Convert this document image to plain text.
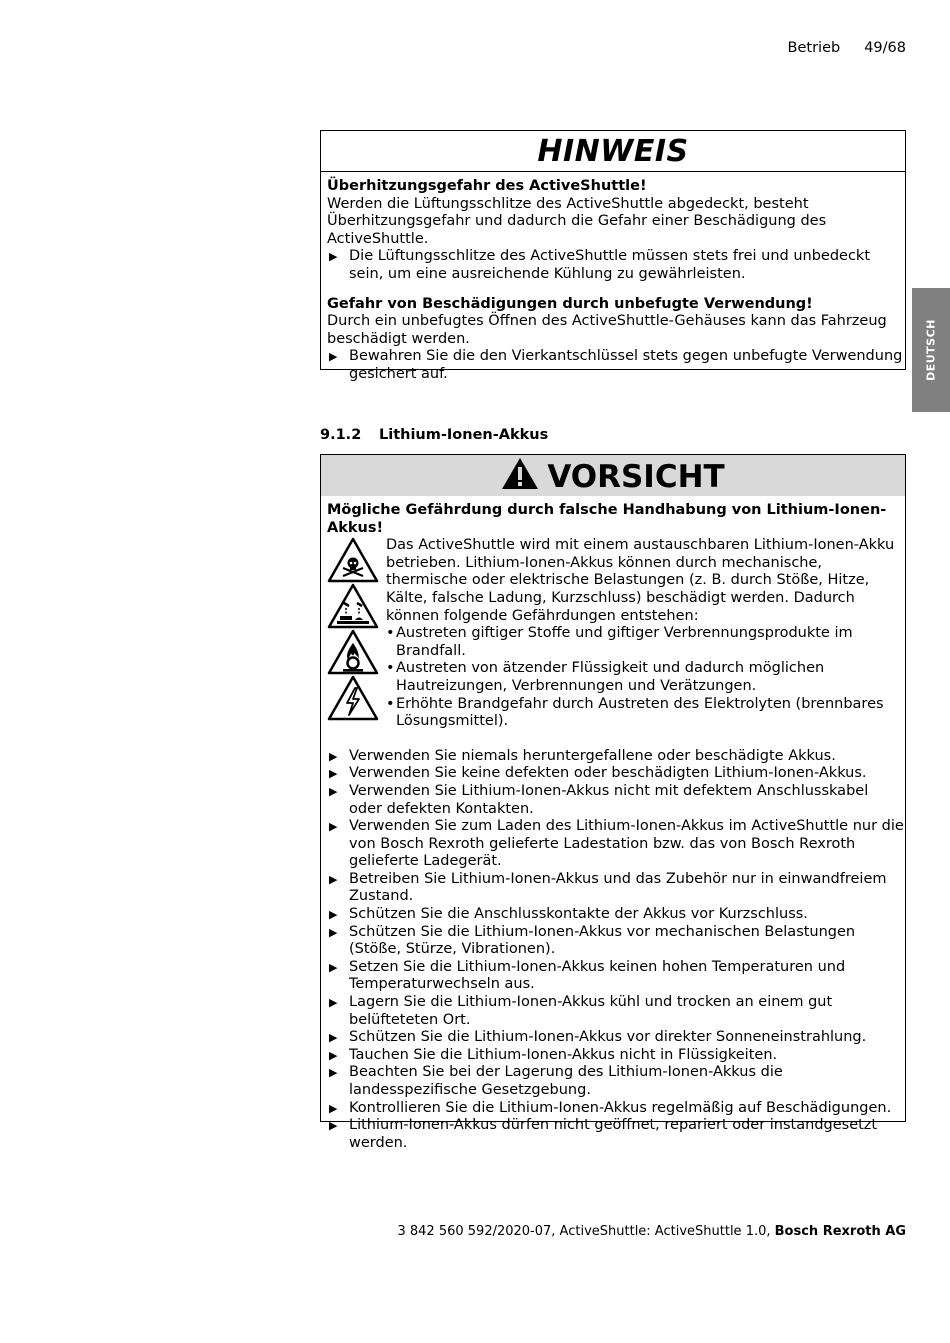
Betrieb 49/68
DEUTSCH
HINWEIS

Überhitzungsgefahr des ActiveShuttle!

Werden die Lüftungsschlitze des ActiveShuttle abgedeckt, besteht Überhitzungsgefahr und dadurch die Gefahr einer Beschädigung des ActiveShuttle.

▶ Die Lüftungsschlitze des ActiveShuttle müssen stets frei und unbedeckt sein, um eine ausreichende Kühlung zu gewährleisten.

Gefahr von Beschädigungen durch unbefugte Verwendung!

Durch ein unbefugtes Öffnen des ActiveShuttle-Gehäuses kann das Fahrzeug beschädigt werden.

▶ Bewahren Sie die den Vierkantschlüssel stets gegen unbefugte Verwendung gesichert auf.
9.1.2 Lithium-Ionen-Akkus
VORSICHT

Mögliche Gefährdung durch falsche Handhabung von Lithium-Ionen-Akkus!

Das ActiveShuttle wird mit einem austauschbaren Lithium-Ionen-Akku betrieben. Lithium-Ionen-Akkus können durch mechanische, thermische oder elektrische Belastungen (z. B. durch Stöße, Hitze, Kälte, falsche Ladung, Kurzschluss) beschädigt werden. Dadurch können folgende Gefährdungen entstehen:

• Austreten giftiger Stoffe und giftiger Verbrennungsprodukte im Brandfall.
• Austreten von ätzender Flüssigkeit und dadurch möglichen Hautreizungen, Verbrennungen und Verätzungen.
• Erhöhte Brandgefahr durch Austreten des Elektrolyten (brennbares Lösungsmittel).
▶ Verwenden Sie niemals heruntergefallene oder beschädigte Akkus.
▶ Verwenden Sie keine defekten oder beschädigten Lithium-Ionen-Akkus.
▶ Verwenden Sie Lithium-Ionen-Akkus nicht mit defektem Anschlusskabel oder defekten Kontakten.
▶ Verwenden Sie zum Laden des Lithium-Ionen-Akkus im ActiveShuttle nur die von Bosch Rexroth gelieferte Ladestation bzw. das von Bosch Rexroth gelieferte Ladegerät.
▶ Betreiben Sie Lithium-Ionen-Akkus und das Zubehör nur in einwandfreiem Zustand.
▶ Schützen Sie die Anschlusskontakte der Akkus vor Kurzschluss.
▶ Schützen Sie die Lithium-Ionen-Akkus vor mechanischen Belastungen (Stöße, Stürze, Vibrationen).
▶ Setzen Sie die Lithium-Ionen-Akkus keinen hohen Temperaturen und Temperaturwechseln aus.
▶ Lagern Sie die Lithium-Ionen-Akkus kühl und trocken an einem gut belüfteteten Ort.
▶ Schützen Sie die Lithium-Ionen-Akkus vor direkter Sonneneinstrahlung.
▶ Tauchen Sie die Lithium-Ionen-Akkus nicht in Flüssigkeiten.
▶ Beachten Sie bei der Lagerung des Lithium-Ionen-Akkus die landesspezifische Gesetzgebung.
▶ Kontrollieren Sie die Lithium-Ionen-Akkus regelmäßig auf Beschädigungen.
▶ Lithium-Ionen-Akkus dürfen nicht geöffnet, repariert oder instandgesetzt werden.
3 842 560 592/2020-07, ActiveShuttle: ActiveShuttle 1.0, Bosch Rexroth AG
